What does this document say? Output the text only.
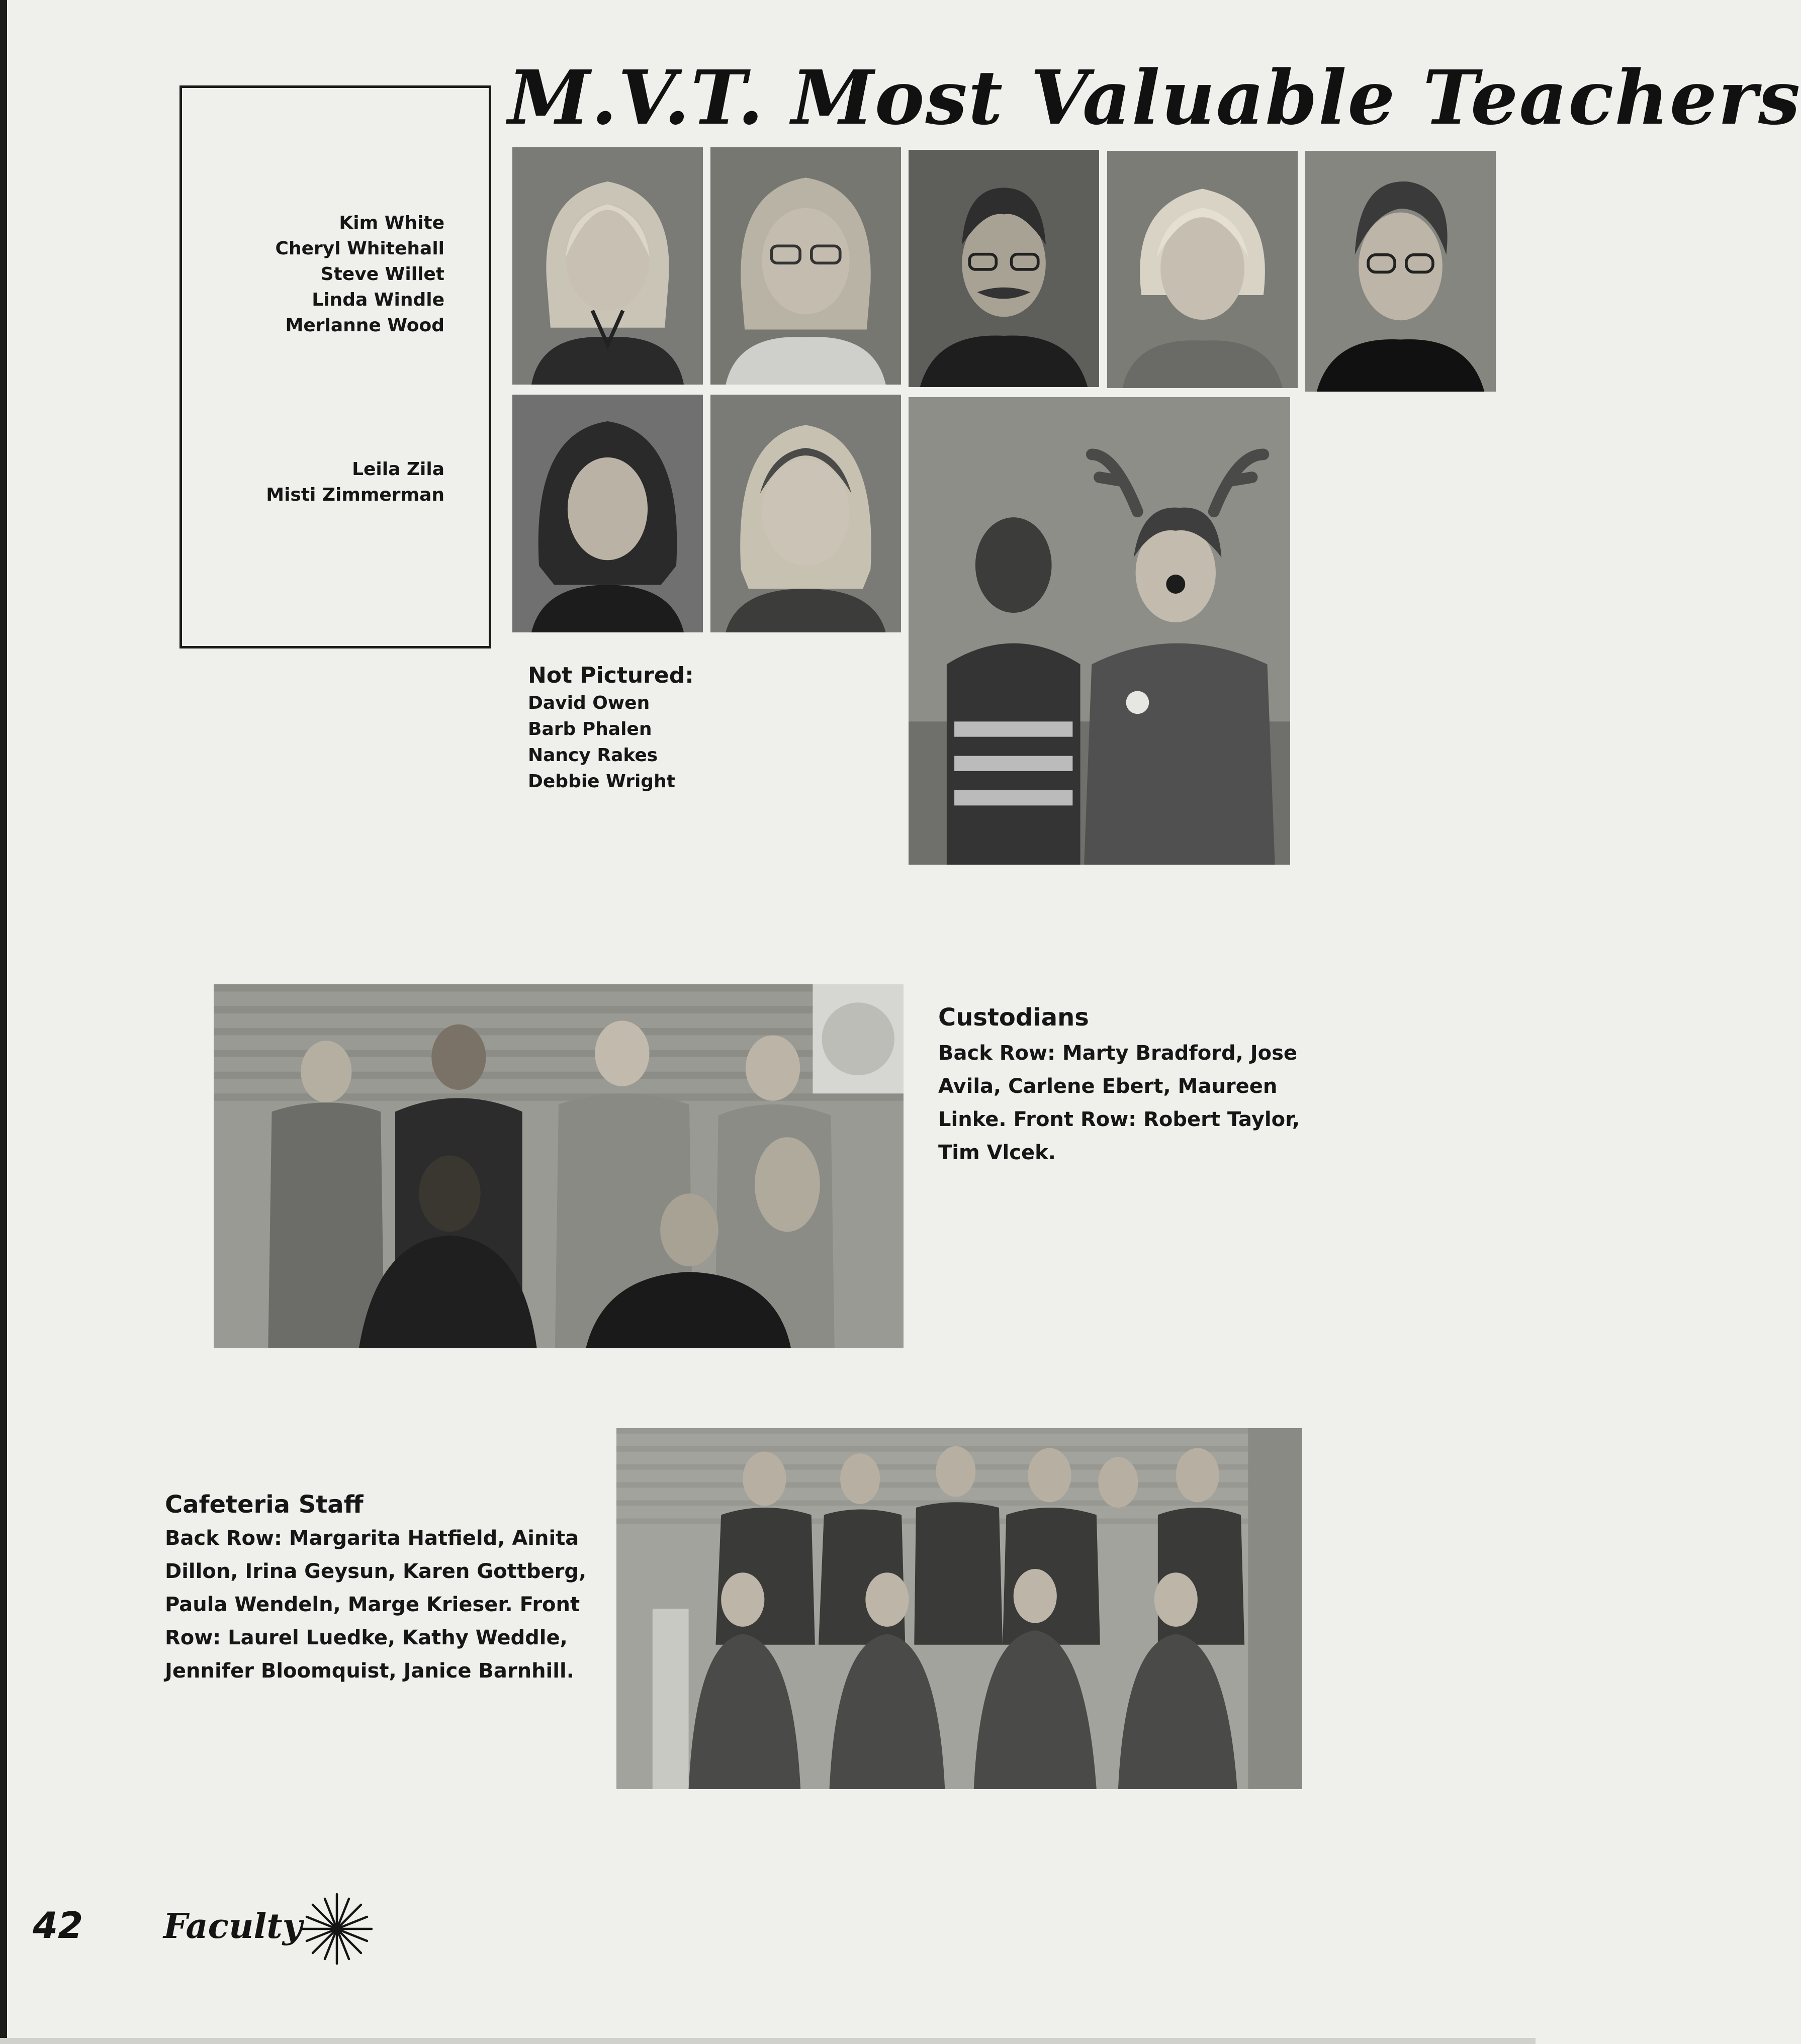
M.V.T. Most Valuable Teachers
Kim White
Cheryl Whitehall
Steve Willet
Linda Windle
Merlanne Wood
Leila Zila
Misti Zimmerman
Not Pictured:
David Owen
Barb Phalen
Nancy Rakes
Debbie Wright
Custodians
Back Row: Marty Bradford, Jose
Avila, Carlene Ebert, Maureen
Linke. Front Row: Robert Taylor,
Tim Vlcek.
Cafeteria Staff
Back Row: Margarita Hatfield, Ainita
Dillon, Irina Geysun, Karen Gottberg,
Paula Wendeln, Marge Krieser. Front
Row: Laurel Luedke, Kathy Weddle,
Jennifer Bloomquist, Janice Barnhill.
42 Faculty
